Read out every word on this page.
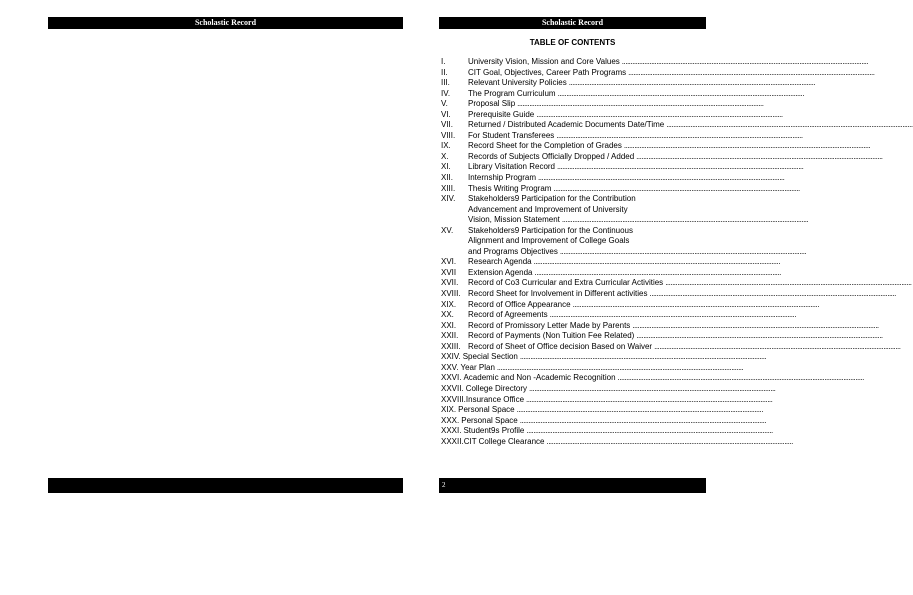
Scholastic Record	Scholastic Record
TABLE OF CONTENTS
I.	University Vision, Mission and Core Values
.....
II.	CIT Goal, Objectives, Career Path Programs
.....
III.	Relevant University Policies
.....
IV.	The Program Curriculum
.....
V.	Proposal Slip
.....
VI.	Prerequisite Guide
.....
VII.	Returned / Distributed Academic Documents Date/Time
.....
VIII.	For Student Transferees
.....
IX.	Record Sheet for the Completion of Grades
.....
X.	Records of Subjects Officially Dropped / Added
.....
XI.	Library Visitation Record
.....
XII.	Internship Program
.....
XIII.	Thesis Writing Program
.....
XIV.	Stakeholders9 Participation for the Contribution
Advancement and Improvement of University
Vision, Mission Statement
.....
XV.	Stakeholders9 Participation for the Continuous
Alignment and Improvement of College Goals
and Programs Objectives
.....
XVI.	Research Agenda
.....
XVII	Extension Agenda
.....
XVII.	Record of Co3 Curricular and Extra Curricular Activities
.....
XVIII. Record Sheet for Involvement in Different activities
.....
XIX.	Record of Office Appearance
.....
XX.	Record of Agreements
.....
XXI.	Record of Promissory Letter Made by Parents
.....
XXII.	Record of Payments (Non Tuition Fee Related)
.....
XXIII. Record of Sheet of Office decision Based on Waiver
.....
XXIV. Special Section
.....
XXV. Year Plan
.....
XXVI. Academic and Non -Academic Recognition
.....
XXVII. College Directory
.....
XXVIII. Insurance Office
.....
XIX. Personal Space
.....
XXX. Personal Space
.....
XXXI. Student9s Profile
.....
XXXII. CIT College Clearance
.....
2
